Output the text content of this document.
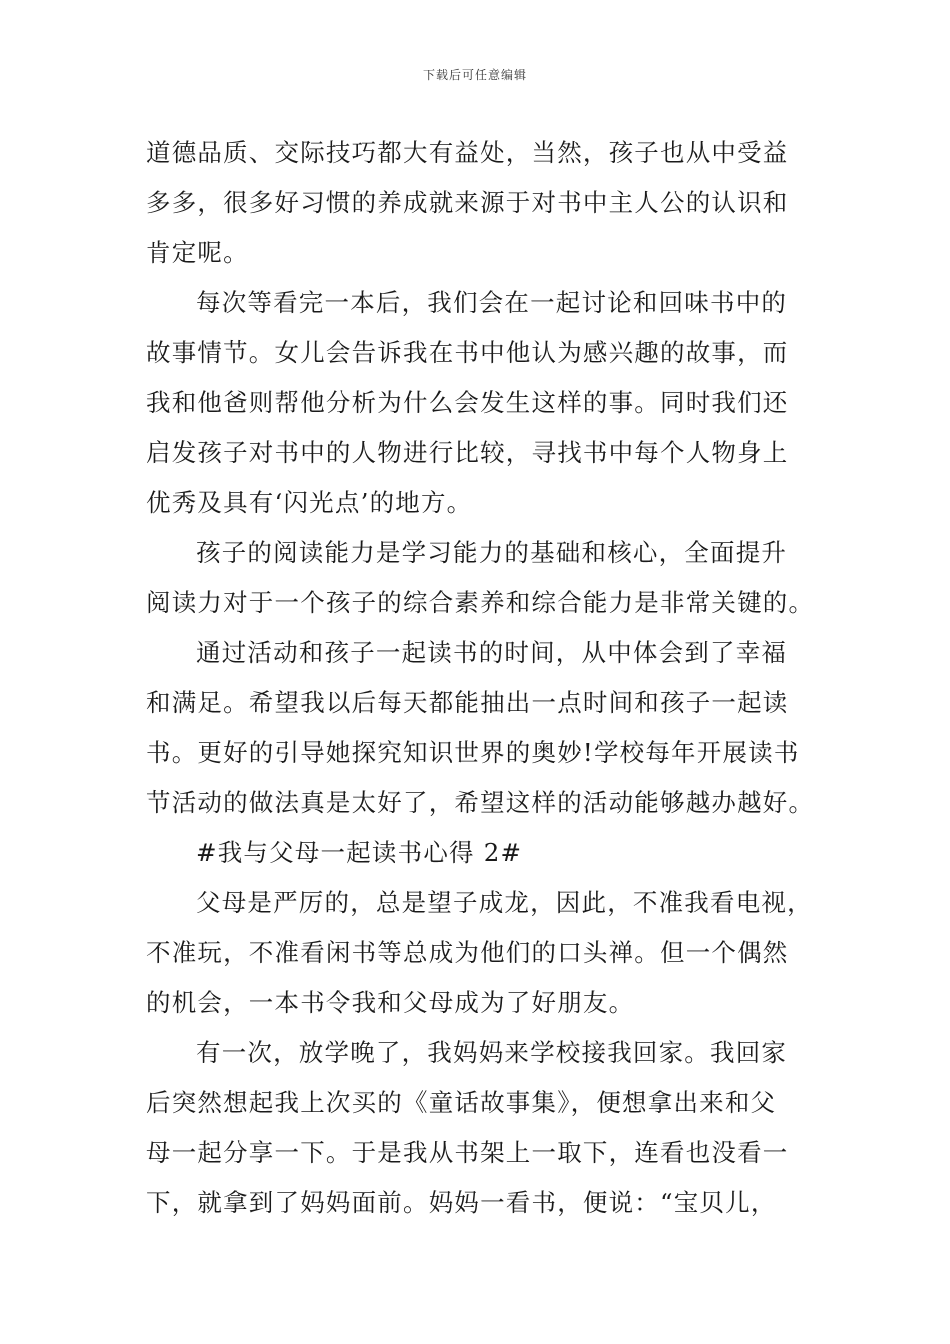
下载后可任意编辑
道德品质、交际技巧都大有益处，当然，孩子也从中受益
多多，很多好习惯的养成就来源于对书中主人公的认识和
肯定呢。
每次等看完一本后，我们会在一起讨论和回味书中的
故事情节。女儿会告诉我在书中他认为感兴趣的故事，而
我和他爸则帮他分析为什么会发生这样的事。同时我们还
启发孩子对书中的人物进行比较，寻找书中每个人物身上
优秀及具有‘闪光点’的地方。
孩子的阅读能力是学习能力的基础和核心，全面提升
阅读力对于一个孩子的综合素养和综合能力是非常关键的。
通过活动和孩子一起读书的时间，从中体会到了幸福
和满足。希望我以后每天都能抽出一点时间和孩子一起读
书。更好的引导她探究知识世界的奥妙!学校每年开展读书
节活动的做法真是太好了，希望这样的活动能够越办越好。
#我与父母一起读书心得 2#
父母是严厉的，总是望子成龙，因此，不准我看电视，
不准玩，不准看闲书等总成为他们的口头禅。但一个偶然
的机会，一本书令我和父母成为了好朋友。
有一次，放学晚了，我妈妈来学校接我回家。我回家
后突然想起我上次买的《童话故事集》，便想拿出来和父
母一起分享一下。于是我从书架上一取下，连看也没看一
下，就拿到了妈妈面前。妈妈一看书，便说：“宝贝儿，
